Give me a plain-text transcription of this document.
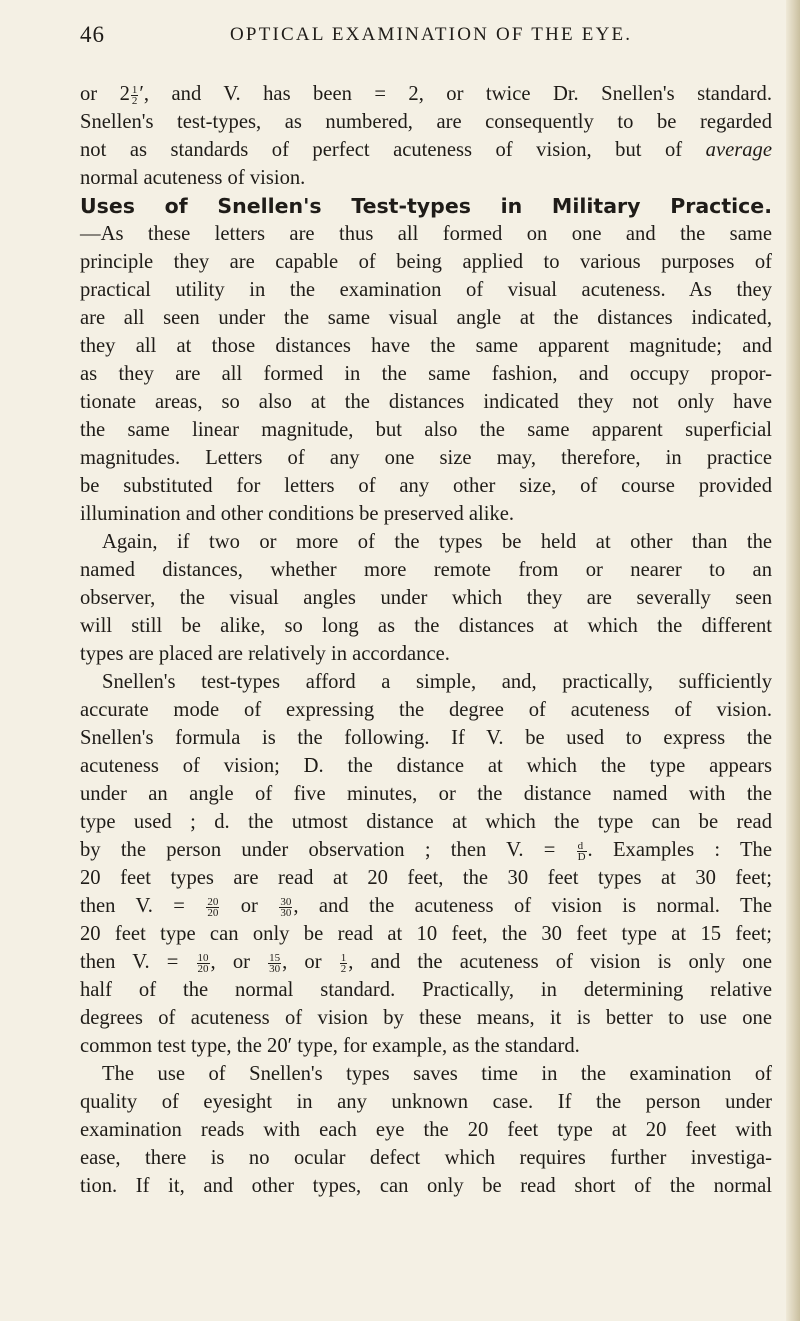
46	OPTICAL EXAMINATION OF THE EYE.
or $2 \frac{1}{2}$ ′, and V. has been = 2, or twice Dr. Snellen's standard.
Snellen's test-types, as numbered, are consequently to be regarded
not as standards of perfect acuteness of vision, but of average
normal acuteness of vision.
Uses of Snellen's Test-types in Military Practice.
—As these letters are thus all formed on one and the same
principle they are capable of being applied to various purposes of
practical utility in the examination of visual acuteness. As they
are all seen under the same visual angle at the distances indicated,
they all at those distances have the same apparent magnitude; and
as they are all formed in the same fashion, and occupy propor-
tionate areas, so also at the distances indicated they not only have
the same linear magnitude, but also the same apparent superficial
magnitudes. Letters of any one size may, therefore, in practice
be substituted for letters of any other size, of course provided
illumination and other conditions be preserved alike.
Again, if two or more of the types be held at other than the
named distances, whether more remote from or nearer to an
observer, the visual angles under which they are severally seen
will still be alike, so long as the distances at which the different
types are placed are relatively in accordance.
Snellen's test-types afford a simple, and, practically, sufficiently
accurate mode of expressing the degree of acuteness of vision.
Snellen's formula is the following. If V. be used to express the
acuteness of vision; D. the distance at which the type appears
under an angle of five minutes, or the distance named with the
type used ; d. the utmost distance at which the type can be read
by the person under observation ; then V. = $\frac{d}{D}$ . Examples : The
20 feet types are read at 20 feet, the 30 feet types at 30 feet;
then V. = $\frac{20}{20}$ or $\frac{30}{30}$ , and the acuteness of vision is normal. The
20 feet type can only be read at 10 feet, the 30 feet type at 15 feet;
then V. = $\frac{10}{20}$ , or $\frac{15}{30}$ , or $\frac{1}{2}$ , and the acuteness of vision is only one
half of the normal standard. Practically, in determining relative
degrees of acuteness of vision by these means, it is better to use one
common test type, the 20′ type, for example, as the standard.
The use of Snellen's types saves time in the examination of
quality of eyesight in any unknown case. If the person under
examination reads with each eye the 20 feet type at 20 feet with
ease, there is no ocular defect which requires further investiga-
tion. If it, and other types, can only be read short of the normal
